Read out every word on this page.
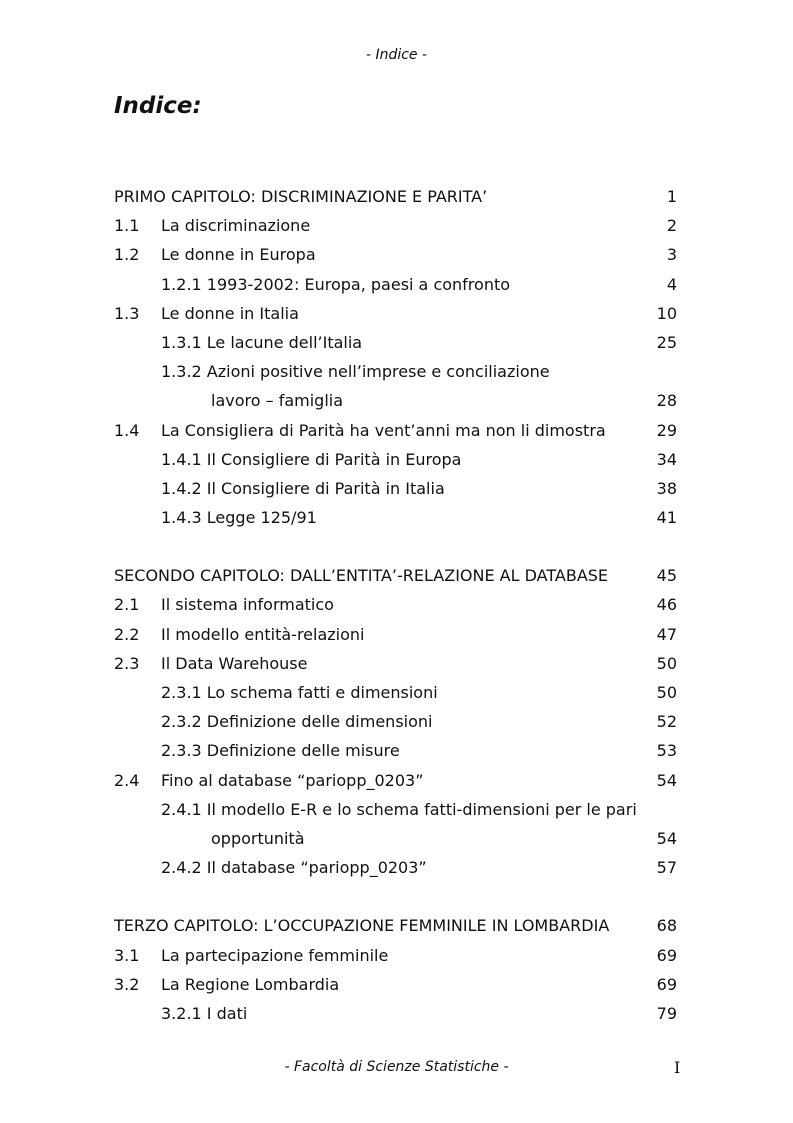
- Indice -
Indice:
PRIMO CAPITOLO: DISCRIMINAZIONE E PARITA’	1
1.1 La discriminazione	2
1.2 Le donne in Europa	3
1.2.1 1993-2002: Europa, paesi a confronto	4
1.3 Le donne in Italia	10
1.3.1 Le lacune dell’Italia	25
1.3.2 Azioni positive nell’imprese e conciliazione
lavoro – famiglia	28
1.4 La Consigliera di Parità ha vent’anni ma non li dimostra	29
1.4.1 Il Consigliere di Parità in Europa	34
1.4.2 Il Consigliere di Parità in Italia	38
1.4.3 Legge 125/91	41
SECONDO CAPITOLO: DALL’ENTITA’-RELAZIONE AL DATABASE	45
2.1 Il sistema informatico	46
2.2 Il modello entità-relazioni	47
2.3 Il Data Warehouse	50
2.3.1 Lo schema fatti e dimensioni	50
2.3.2 Definizione delle dimensioni	52
2.3.3 Definizione delle misure	53
2.4 Fino al database “pariopp_0203”	54
2.4.1 Il modello E-R e lo schema fatti-dimensioni per le pari
opportunità	54
2.4.2 Il database “pariopp_0203”	57
TERZO CAPITOLO: L’OCCUPAZIONE FEMMINILE IN LOMBARDIA	68
3.1 La partecipazione femminile	69
3.2 La Regione Lombardia	69
3.2.1 I dati	79
- Facoltà di Scienze Statistiche -	I
